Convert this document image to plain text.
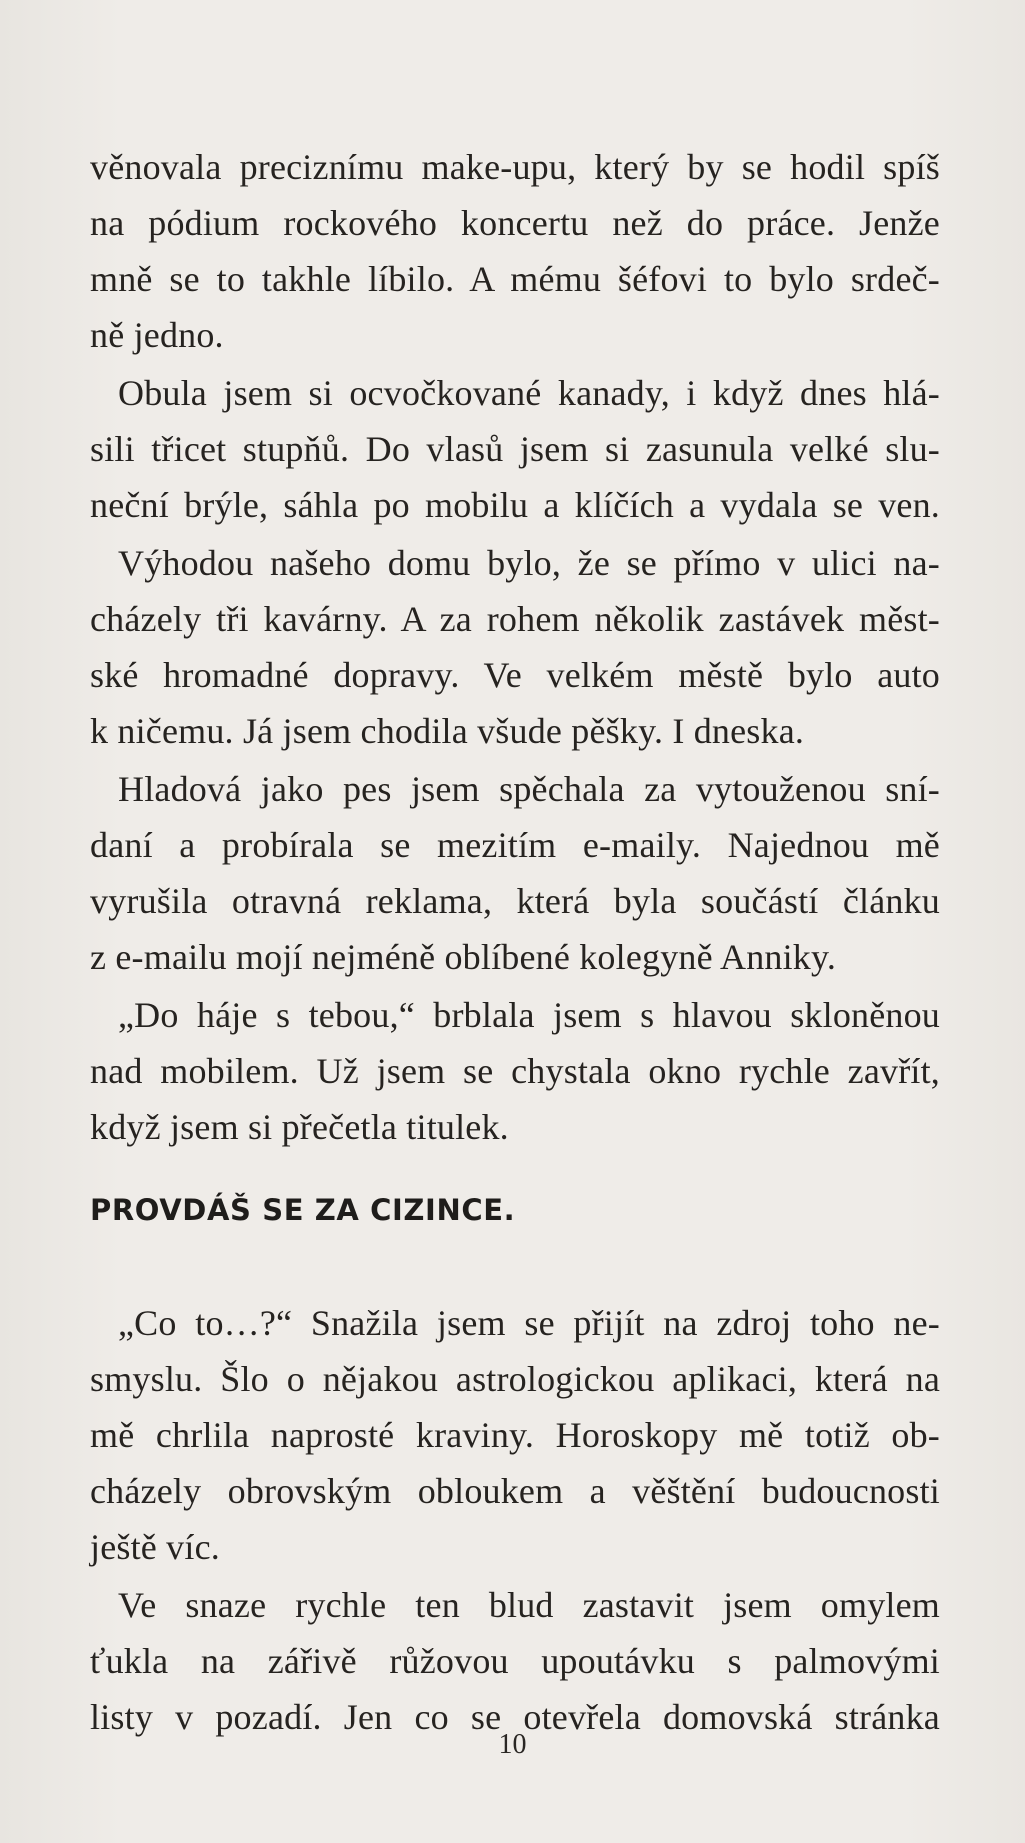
věnovala preciznímu make-upu, který by se hodil spíš
na pódium rockového koncertu než do práce. Jenže
mně se to takhle líbilo. A mému šéfovi to bylo srdeč-
ně jedno.
Obula jsem si ocvočkované kanady, i když dnes hlá-
sili třicet stupňů. Do vlasů jsem si zasunula velké slu-
neční brýle, sáhla po mobilu a klíčích a vydala se ven.
Výhodou našeho domu bylo, že se přímo v ulici na-
cházely tři kavárny. A za rohem několik zastávek měst-
ské hromadné dopravy. Ve velkém městě bylo auto
k ničemu. Já jsem chodila všude pěšky. I dneska.
Hladová jako pes jsem spěchala za vytouženou sní-
daní a probírala se mezitím e-maily. Najednou mě
vyrušila otravná reklama, která byla součástí článku
z e-mailu mojí nejméně oblíbené kolegyně Anniky.
„Do háje s tebou,“ brblala jsem s hlavou skloněnou
nad mobilem. Už jsem se chystala okno rychle zavřít,
když jsem si přečetla titulek.
PROVDÁŠ SE ZA CIZINCE.
„Co to…?“ Snažila jsem se přijít na zdroj toho ne-
smyslu. Šlo o nějakou astrologickou aplikaci, která na
mě chrlila naprosté kraviny. Horoskopy mě totiž ob-
cházely obrovským obloukem a věštění budoucnosti
ještě víc.
Ve snaze rychle ten blud zastavit jsem omylem
ťukla na zářivě růžovou upoutávku s palmovými
listy v pozadí. Jen co se otevřela domovská stránka
10
